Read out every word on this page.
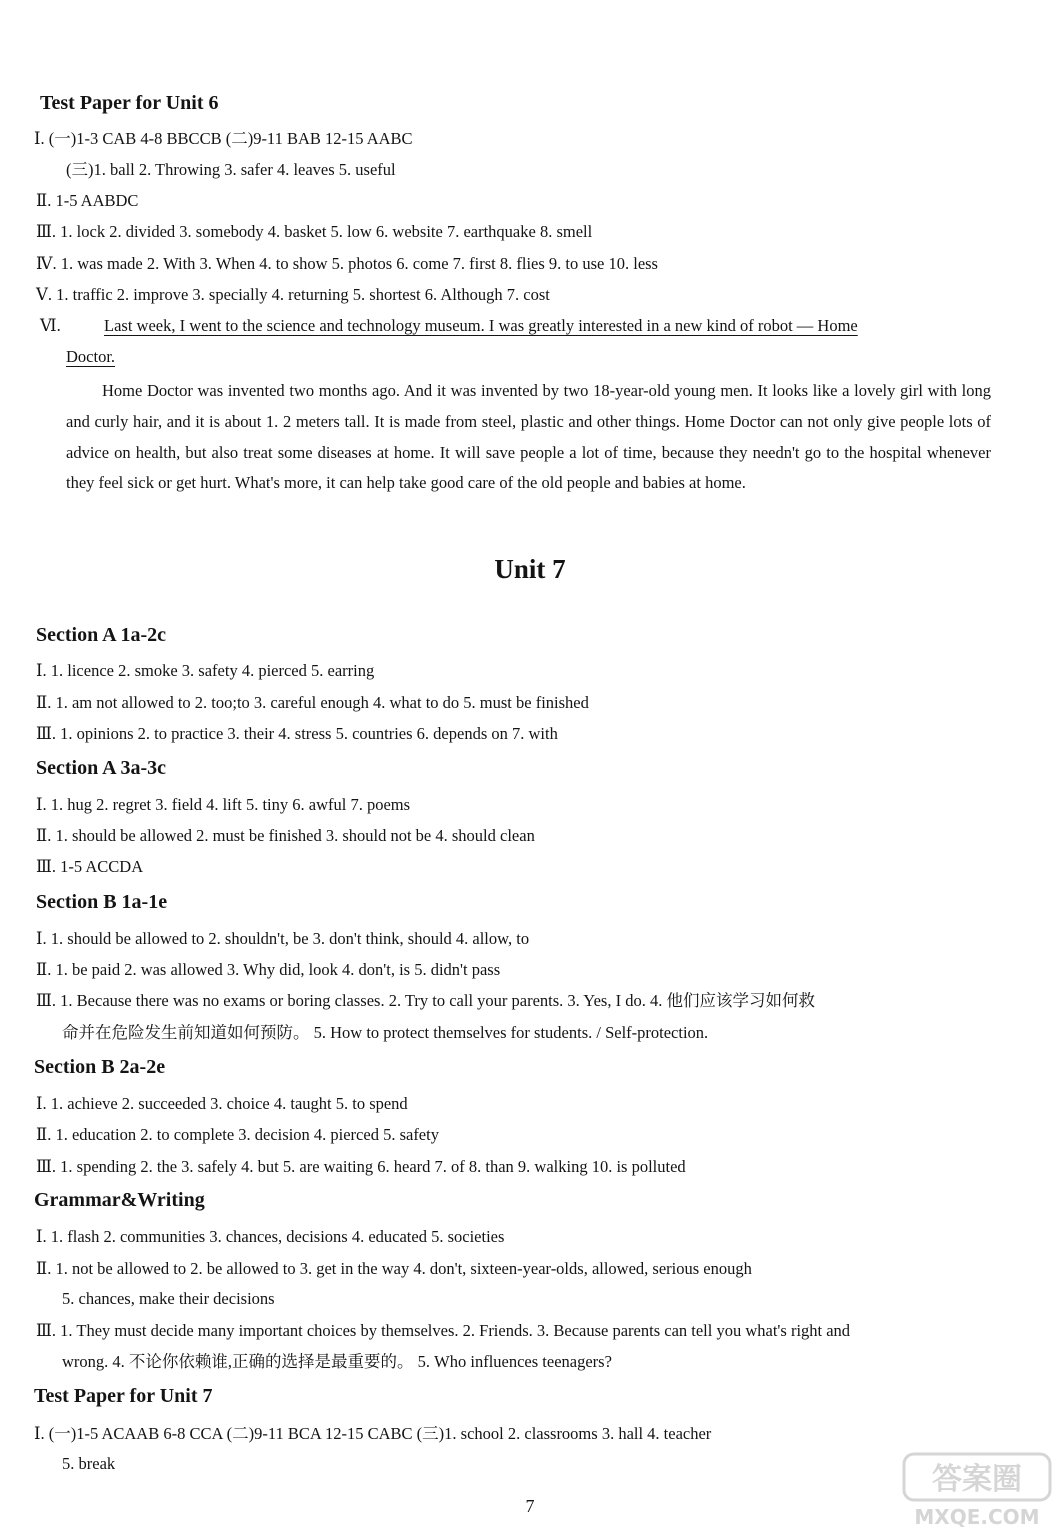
Test Paper for Unit 6
Ⅰ. (一)1-3 CAB 4-8 BBCCB (二)9-11 BAB 12-15 AABC
(三)1. ball 2. Throwing 3. safer 4. leaves 5. useful
Ⅱ. 1-5 AABDC
Ⅲ. 1. lock 2. divided 3. somebody 4. basket 5. low 6. website 7. earthquake 8. smell
Ⅳ. 1. was made 2. With 3. When 4. to show 5. photos 6. come 7. first 8. flies 9. to use 10. less
Ⅴ. 1. traffic 2. improve 3. specially 4. returning 5. shortest 6. Although 7. cost
Ⅵ.	Last week, I went to the science and technology museum. I was greatly interested in a new kind of robot — Home
Doctor.

Home Doctor was invented two months ago. And it was invented by two 18-year-old young men. It looks like a lovely girl with long and curly hair, and it is about 1. 2 meters tall. It is made from steel, plastic and other things. Home Doctor can not only give people lots of advice on health, but also treat some diseases at home. It will save people a lot of time, because they needn't go to the hospital whenever they feel sick or get hurt. What's more, it can help take good care of the old people and babies at home.

Unit 7
Section A 1a-2c
Ⅰ. 1. licence 2. smoke 3. safety 4. pierced 5. earring
Ⅱ. 1. am not allowed to 2. too;to 3. careful enough 4. what to do 5. must be finished
Ⅲ. 1. opinions 2. to practice 3. their 4. stress 5. countries 6. depends on 7. with
Section A 3a-3c
Ⅰ. 1. hug 2. regret 3. field 4. lift 5. tiny 6. awful 7. poems
Ⅱ. 1. should be allowed 2. must be finished 3. should not be 4. should clean
Ⅲ. 1-5 ACCDA
Section B 1a-1e
Ⅰ. 1. should be allowed to 2. shouldn't, be 3. don't think, should 4. allow, to
Ⅱ. 1. be paid 2. was allowed 3. Why did, look 4. don't, is 5. didn't pass
Ⅲ. 1. Because there was no exams or boring classes. 2. Try to call your parents. 3. Yes, I do. 4. 他们应该学习如何救
命并在危险发生前知道如何预防。 5. How to protect themselves for students. / Self-protection.
Section B 2a-2e
Ⅰ. 1. achieve 2. succeeded 3. choice 4. taught 5. to spend
Ⅱ. 1. education 2. to complete 3. decision 4. pierced 5. safety
Ⅲ. 1. spending 2. the 3. safely 4. but 5. are waiting 6. heard 7. of 8. than 9. walking 10. is polluted
Grammar&Writing
Ⅰ. 1. flash 2. communities 3. chances, decisions 4. educated 5. societies
Ⅱ. 1. not be allowed to 2. be allowed to 3. get in the way 4. don't, sixteen-year-olds, allowed, serious enough
5. chances, make their decisions
Ⅲ. 1. They must decide many important choices by themselves. 2. Friends. 3. Because parents can tell you what's right and
wrong. 4. 不论你依赖谁,正确的选择是最重要的。 5. Who influences teenagers?
Test Paper for Unit 7
Ⅰ. (一)1-5 ACAAB 6-8 CCA (二)9-11 BCA 12-15 CABC (三)1. school 2. classrooms 3. hall 4. teacher
5. break
7
答案圈
MXQE.COM
